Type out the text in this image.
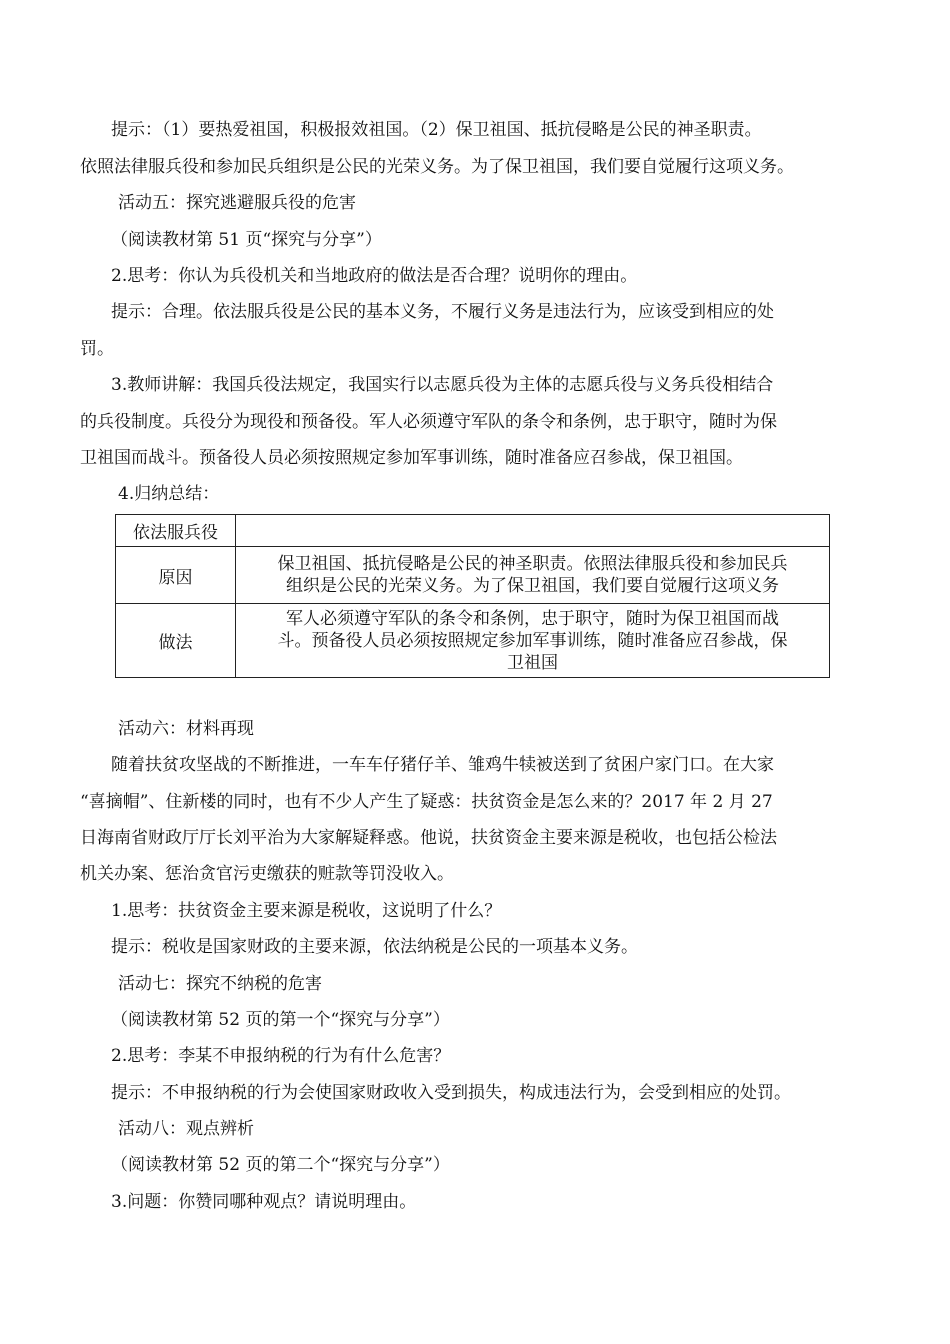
提示：（1）要热爱祖国，积极报效祖国。（2）保卫祖国、抵抗侵略是公民的神圣职责。
依照法律服兵役和参加民兵组织是公民的光荣义务。为了保卫祖国，我们要自觉履行这项义务。
活动五：探究逃避服兵役的危害
（阅读教材第 51 页“探究与分享”）
2.思考：你认为兵役机关和当地政府的做法是否合理？说明你的理由。
提示：合理。依法服兵役是公民的基本义务，不履行义务是违法行为，应该受到相应的处
罚。
3.教师讲解：我国兵役法规定，我国实行以志愿兵役为主体的志愿兵役与义务兵役相结合
的兵役制度。兵役分为现役和预备役。军人必须遵守军队的条令和条例，忠于职守，随时为保
卫祖国而战斗。预备役人员必须按照规定参加军事训练，随时准备应召参战，保卫祖国。
4.归纳总结：
依法服兵役	
原因	保卫祖国、抵抗侵略是公民的神圣职责。依照法律服兵役和参加民兵
组织是公民的光荣义务。为了保卫祖国，我们要自觉履行这项义务

做法	军人必须遵守军队的条令和条例，忠于职守，随时为保卫祖国而战
斗。预备役人员必须按照规定参加军事训练，随时准备应召参战，保
卫祖国
活动六：材料再现
随着扶贫攻坚战的不断推进，一车车仔猪仔羊、雏鸡牛犊被送到了贫困户家门口。在大家
“喜摘帽”、住新楼的同时，也有不少人产生了疑惑：扶贫资金是怎么来的？2017 年 2 月 27
日海南省财政厅厅长刘平治为大家解疑释惑。他说，扶贫资金主要来源是税收，也包括公检法
机关办案、惩治贪官污吏缴获的赃款等罚没收入。
1.思考：扶贫资金主要来源是税收，这说明了什么？
提示：税收是国家财政的主要来源，依法纳税是公民的一项基本义务。
活动七：探究不纳税的危害
（阅读教材第 52 页的第一个“探究与分享”）
2.思考：李某不申报纳税的行为有什么危害？
提示：不申报纳税的行为会使国家财政收入受到损失，构成违法行为，会受到相应的处罚。
活动八：观点辨析
（阅读教材第 52 页的第二个“探究与分享”）
3.问题：你赞同哪种观点？请说明理由。
